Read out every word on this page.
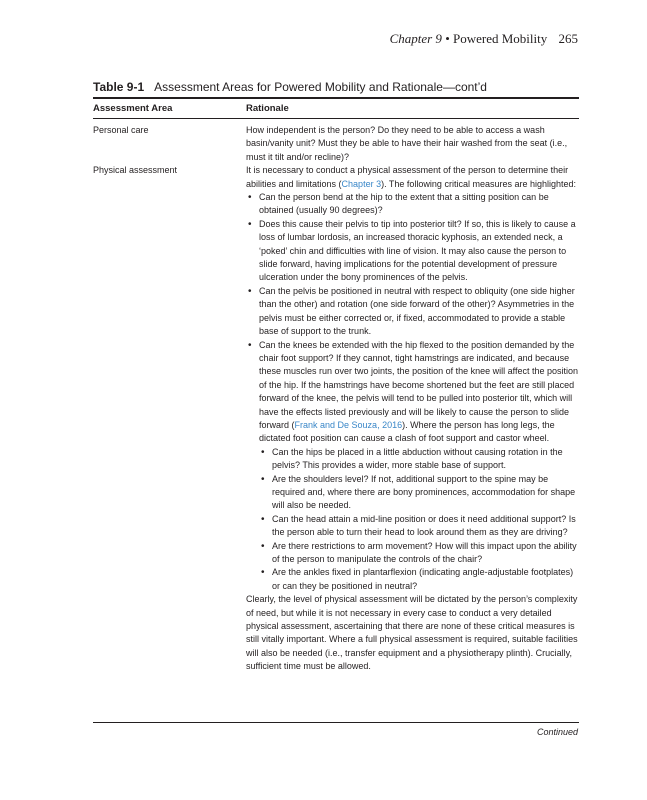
Chapter 9 • Powered Mobility 265
Table 9-1 Assessment Areas for Powered Mobility and Rationale—cont’d
Assessment Area	Rationale
Personal care	How independent is the person? Do they need to be able to access a wash basin/vanity unit? Must they be able to have their hair washed from the seat (i.e., must it tilt and/or recline)?

Physical assessment	It is necessary to conduct a physical assessment of the person to determine their abilities and limitations (Chapter 3). The following critical measures are highlighted:

• Can the person bend at the hip to the extent that a sitting position can be obtained (usually 90 degrees)?
• Does this cause their pelvis to tip into posterior tilt? If so, this is likely to cause a loss of lumbar lordosis, an increased thoracic kyphosis, an extended neck, a ‘poked’ chin and difficulties with line of vision. It may also cause the person to slide forward, having implications for the potential development of pressure ulceration under the bony prominences of the pelvis.
• Can the pelvis be positioned in neutral with respect to obliquity (one side higher than the other) and rotation (one side forward of the other)? Asymmetries in the pelvis must be either corrected or, if fixed, accommodated to provide a stable base of support to the trunk.
• Can the knees be extended with the hip flexed to the position demanded by the chair foot support? If they cannot, tight hamstrings are indicated, and because these muscles run over two joints, the position of the knee will affect the position of the hip. If the hamstrings have become shortened but the feet are still placed forward of the knee, the pelvis will tend to be pulled into posterior tilt, which will have the effects listed previously and will be likely to cause the person to slide forward (Frank and De Souza, 2016). Where the person has long legs, the dictated foot position can cause a clash of foot support and castor wheel.
• Can the hips be placed in a little abduction without causing rotation in the pelvis? This provides a wider, more stable base of support.
• Are the shoulders level? If not, additional support to the spine may be required and, where there are bony prominences, accommodation for shape will also be needed.
• Can the head attain a mid-line position or does it need additional support? Is the person able to turn their head to look around them as they are driving?
• Are there restrictions to arm movement? How will this impact upon the ability of the person to manipulate the controls of the chair?
• Are the ankles fixed in plantarflexion (indicating angle-adjustable footplates) or can they be positioned in neutral?

Clearly, the level of physical assessment will be dictated by the person’s complexity of need, but while it is not necessary in every case to conduct a very detailed physical assessment, ascertaining that there are none of these critical measures is still vitally important. Where a full physical assessment is required, suitable facilities will also be needed (i.e., transfer equipment and a physiotherapy plinth). Crucially, sufficient time must be allowed.

Continued
